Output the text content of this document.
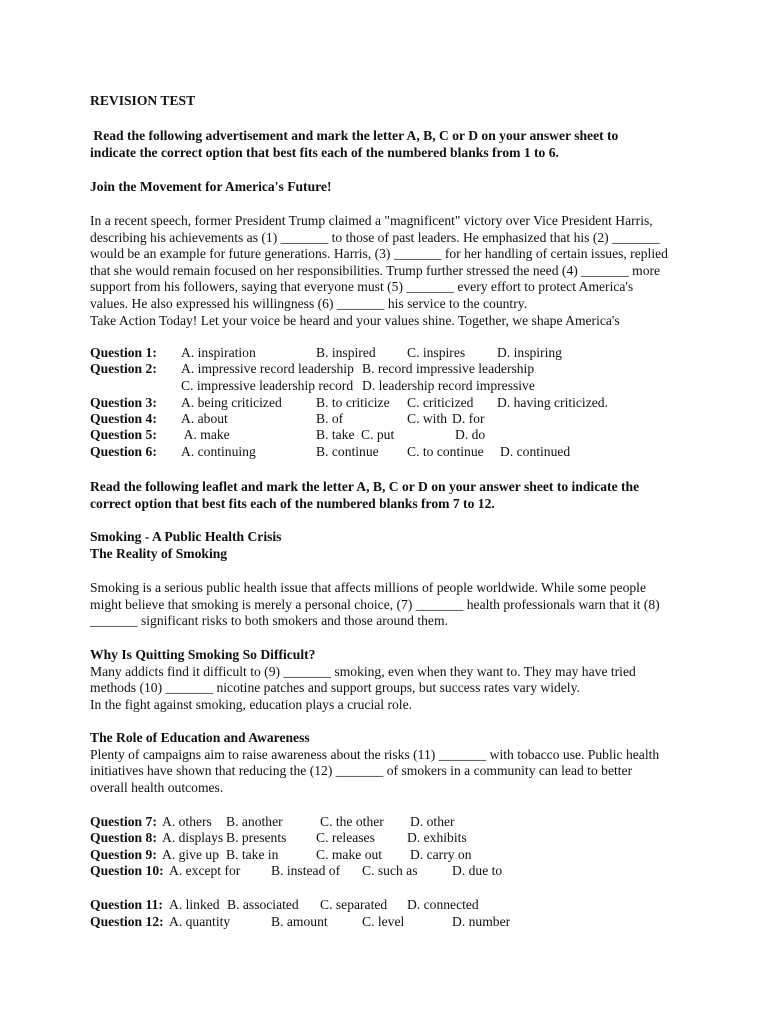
REVISION TEST
Read the following advertisement and mark the letter A, B, C or D on your answer sheet to
indicate the correct option that best fits each of the numbered blanks from 1 to 6.
Join the Movement for America's Future!
In a recent speech, former President Trump claimed a "magnificent" victory over Vice President Harris,
describing his achievements as (1) _______ to those of past leaders. He emphasized that his (2) _______
would be an example for future generations. Harris, (3) _______ for her handling of certain issues, replied
that she would remain focused on her responsibilities. Trump further stressed the need (4) _______ more
support from his followers, saying that everyone must (5) _______ every effort to protect America's
values. He also expressed his willingness (6) _______ his service to the country.
Take Action Today! Let your voice be heard and your values shine. Together, we shape America's
Question 1: A. inspiration	B. inspired C. inspires D. inspiring
Question 2: A. impressive record leadership B. record impressive leadership
C. impressive leadership record D. leadership record impressive
Question 3: A. being criticized	B. to criticize C. criticized D. having criticized.
Question 4: A. about	B. of	C. with D. for
Question 5: A. make	B. take C. put	D. do
Question 6: A. continuing	B. continue C. to continue D. continued
Read the following leaflet and mark the letter A, B, C or D on your answer sheet to indicate the
correct option that best fits each of the numbered blanks from 7 to 12.
Smoking - A Public Health Crisis
The Reality of Smoking
Smoking is a serious public health issue that affects millions of people worldwide. While some people
might believe that smoking is merely a personal choice, (7) _______ health professionals warn that it (8)
_______ significant risks to both smokers and those around them.
Why Is Quitting Smoking So Difficult?
Many addicts find it difficult to (9) _______ smoking, even when they want to. They may have tried
methods (10) _______ nicotine patches and support groups, but success rates vary widely.
In the fight against smoking, education plays a crucial role.
The Role of Education and Awareness
Plenty of campaigns aim to raise awareness about the risks (11) _______ with tobacco use. Public health
initiatives have shown that reducing the (12) _______ of smokers in a community can lead to better
overall health outcomes.
Question 7: A. others B. another	C. the other D. other
Question 8: A. displays B. presents C. releases D. exhibits
Question 9: A. give up B. take in	C. make out D. carry on
Question 10: A. except for B. instead of C. such as	D. due to
Question 11: A. linked B. associated C. separated D. connected
Question 12: A. quantity	B. amount	C. level	D. number
